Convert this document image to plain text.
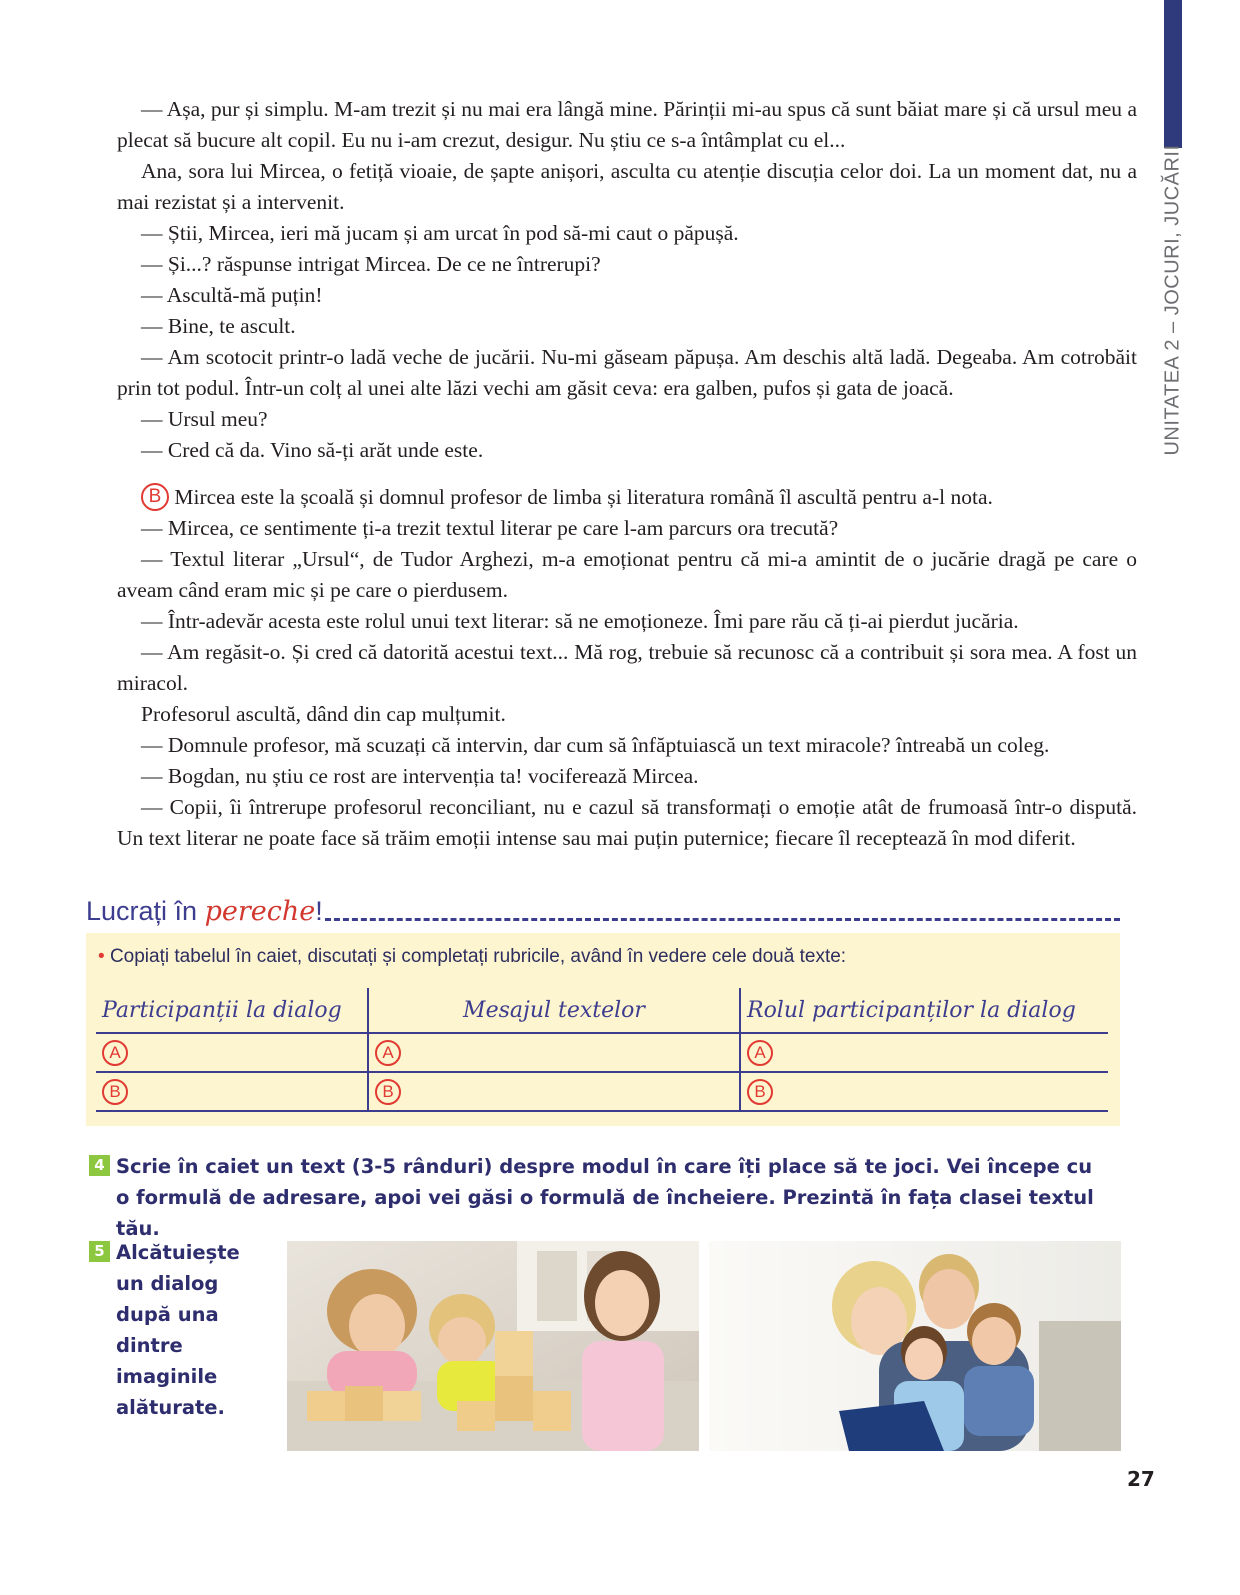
UNITATEA 2 – JOCURI, JUCĂRII

— Așa, pur și simplu. M-am trezit și nu mai era lângă mine. Părinții mi-au spus că sunt băiat mare și că ursul meu a plecat să bucure alt copil. Eu nu i-am crezut, desigur. Nu știu ce s-a întâmplat cu el...

Ana, sora lui Mircea, o fetiță vioaie, de șapte anișori, asculta cu atenție discuția celor doi. La un moment dat, nu a mai rezistat și a intervenit.

— Știi, Mircea, ieri mă jucam și am urcat în pod să-mi caut o păpușă.

— Și...? răspunse intrigat Mircea. De ce ne întrerupi?

— Ascultă-mă puțin!

— Bine, te ascult.

— Am scotocit printr-o ladă veche de jucării. Nu-mi găseam păpușa. Am deschis altă ladă. Degeaba. Am cotrobăit prin tot podul. Într-un colț al unei alte lăzi vechi am găsit ceva: era galben, pufos și gata de joacă.

— Ursul meu?

— Cred că da. Vino să-ți arăt unde este.

B Mircea este la școală și domnul profesor de limba și literatura română îl ascultă pentru a-l nota.

— Mircea, ce sentimente ți-a trezit textul literar pe care l-am parcurs ora trecută?

— Textul literar „Ursul“, de Tudor Arghezi, m-a emoționat pentru că mi-a amintit de o jucărie dragă pe care o aveam când eram mic și pe care o pierdusem.

— Într-adevăr acesta este rolul unui text literar: să ne emoționeze. Îmi pare rău că ți-ai pierdut jucăria.

— Am regăsit-o. Și cred că datorită acestui text... Mă rog, trebuie să recunosc că a contribuit și sora mea. A fost un miracol.

Profesorul ascultă, dând din cap mulțumit.

— Domnule profesor, mă scuzați că intervin, dar cum să înfăptuiască un text miracole? întreabă un coleg.

— Bogdan, nu știu ce rost are intervenția ta! vociferează Mircea.

— Copii, îi întrerupe profesorul reconciliant, nu e cazul să transformați o emoție atât de frumoasă într-o dispută. Un text literar ne poate face să trăim emoții intense sau mai puțin puternice; fiecare îl receptează în mod diferit.

Lucrați în pereche!
• Copiați tabelul în caiet, discutați și completați rubricile, având în vedere cele două texte:
Participanții la dialog	Mesajul textelor	Rolul participanților la dialog
A	A	A
B	B	B
4 Scrie în caiet un text (3-5 rânduri) despre modul în care îți place să te joci. Vei începe cu o formulă de adresare, apoi vei găsi o formulă de încheiere. Prezintă în fața clasei textul tău.
5 Alcătuiește un dialog după una dintre imaginile alăturate.
27
